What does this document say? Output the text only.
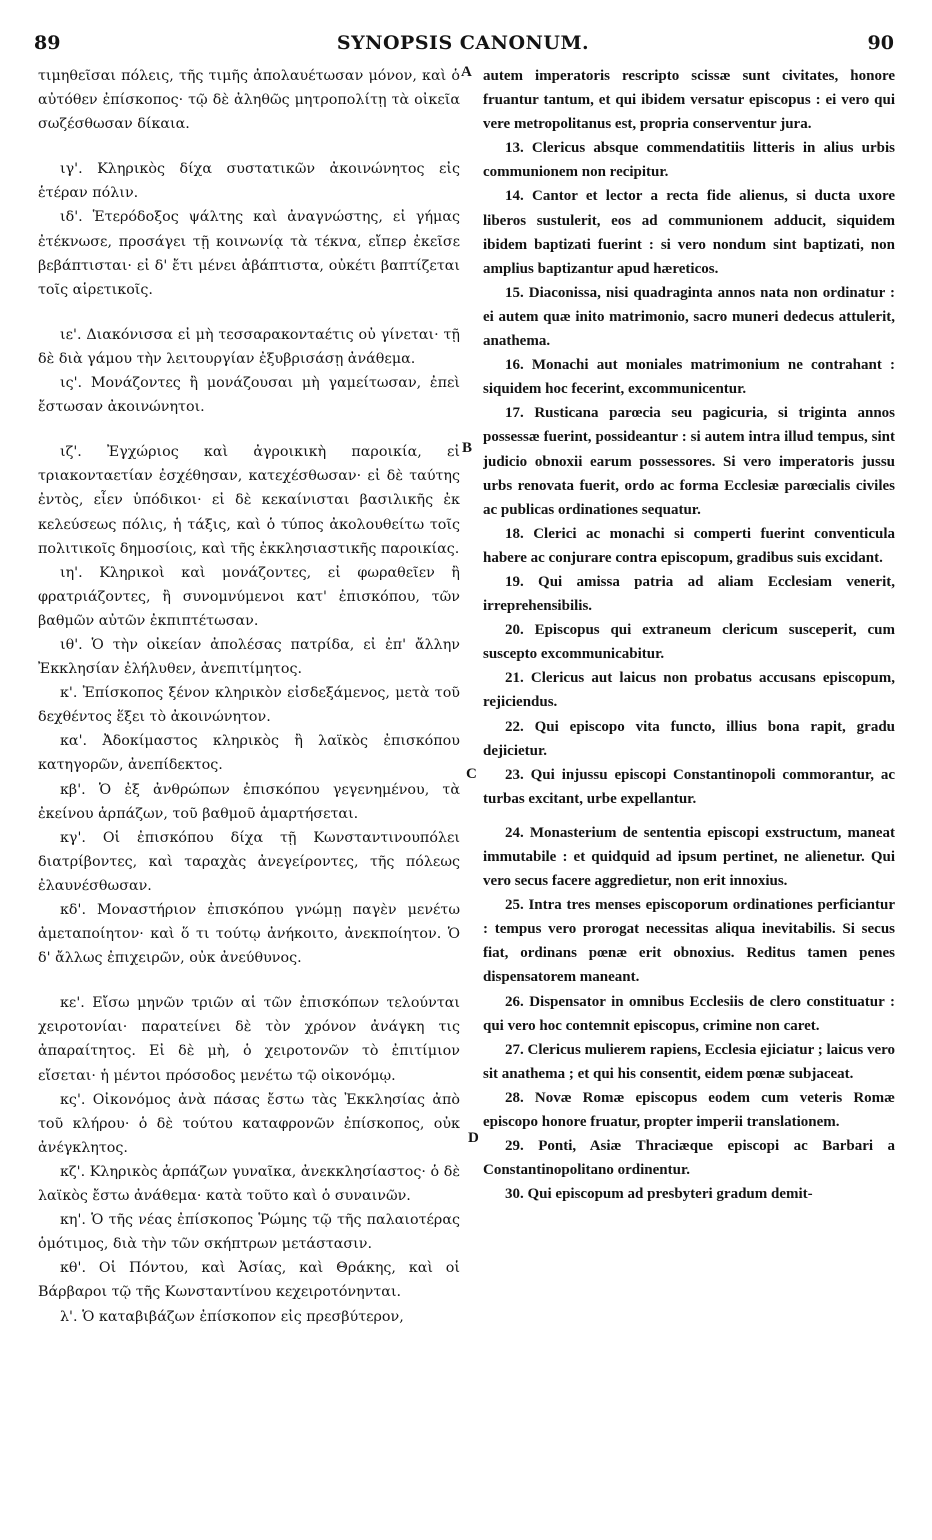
89	SYNOPSIS CANONUM.	90
A
B
C
D

τιμηθεῖσαι πόλεις, τῆς τιμῆς ἀπολαυέτωσαν μόνον, καὶ ὁ αὐτόθεν ἐπίσκοπος· τῷ δὲ ἀληθῶς μητροπολίτῃ τὰ οἰκεῖα σωζέσθωσαν δίκαια.

ιγ'. Κληρικὸς δίχα συστατικῶν ἀκοινώνητος εἰς ἑτέραν πόλιν.

ιδ'. Ἑτερόδοξος ψάλτης καὶ ἀναγνώστης, εἰ γήμας ἐτέκνωσε, προσάγει τῇ κοινωνίᾳ τὰ τέκνα, εἴπερ ἐκεῖσε βεβάπτισται· εἰ δ' ἔτι μένει ἀβάπτιστα, οὐκέτι βαπτίζεται τοῖς αἱρετικοῖς.

ιε'. Διακόνισσα εἰ μὴ τεσσαρακονταέτις οὐ γίνεται· τῇ δὲ διὰ γάμου τὴν λειτουργίαν ἐξυβρισάσῃ ἀνάθεμα.

ις'. Μονάζοντες ἢ μονάζουσαι μὴ γαμείτωσαν, ἐπεὶ ἔστωσαν ἀκοινώνητοι.

ιζ'. Ἐγχώριος καὶ ἀγροικικὴ παροικία, εἰ τριακονταετίαν ἐσχέθησαν, κατεχέσθωσαν· εἰ δὲ ταύτης ἐντὸς, εἶεν ὑπόδικοι· εἰ δὲ κεκαίνισται βασιλικῆς ἐκ κελεύσεως πόλις, ἡ τάξις, καὶ ὁ τύπος ἀκολουθείτω τοῖς πολιτικοῖς δημοσίοις, καὶ τῆς ἐκκλησιαστικῆς παροικίας.

ιη'. Κληρικοὶ καὶ μονάζοντες, εἰ φωραθεῖεν ἢ φρατριάζοντες, ἢ συνομνύμενοι κατ' ἐπισκόπου, τῶν βαθμῶν αὐτῶν ἐκπιπτέτωσαν.

ιθ'. Ὁ τὴν οἰκείαν ἀπολέσας πατρίδα, εἰ ἐπ' ἄλλην Ἐκκλησίαν ἐλήλυθεν, ἀνεπιτίμητος.

κ'. Ἐπίσκοπος ξένον κληρικὸν εἰσδεξάμενος, μετὰ τοῦ δεχθέντος ἕξει τὸ ἀκοινώνητον.

κα'. Ἀδοκίμαστος κληρικὸς ἢ λαϊκὸς ἐπισκόπου κατηγορῶν, ἀνεπίδεκτος.

κβ'. Ὁ ἐξ ἀνθρώπων ἐπισκόπου γεγενημένου, τὰ ἐκείνου ἁρπάζων, τοῦ βαθμοῦ ἁμαρτήσεται.

κγ'. Οἱ ἐπισκόπου δίχα τῇ Κωνσταντινουπόλει διατρίβοντες, καὶ ταραχὰς ἀνεγείροντες, τῆς πόλεως ἐλαυνέσθωσαν.

κδ'. Μοναστήριον ἐπισκόπου γνώμῃ παγὲν μενέτω ἀμεταποίητον· καὶ ὅ τι τούτῳ ἀνήκοιτο, ἀνεκποίητον. Ὁ δ' ἄλλως ἐπιχειρῶν, οὐκ ἀνεύθυνος.

κε'. Εἴσω μηνῶν τριῶν αἱ τῶν ἐπισκόπων τελούνται χειροτονίαι· παρατείνει δὲ τὸν χρόνον ἀνάγκη τις ἀπαραίτητος. Εἰ δὲ μὴ, ὁ χειροτονῶν τὸ ἐπιτίμιον εἴσεται· ἡ μέντοι πρόσοδος μενέτω τῷ οἰκονόμῳ.

κς'. Οἰκονόμος ἀνὰ πάσας ἔστω τὰς Ἐκκλησίας ἀπὸ τοῦ κλήρου· ὁ δὲ τούτου καταφρονῶν ἐπίσκοπος, οὐκ ἀνέγκλητος.

κζ'. Κληρικὸς ἁρπάζων γυναῖκα, ἀνεκκλησίαστος· ὁ δὲ λαϊκὸς ἔστω ἀνάθεμα· κατὰ τοῦτο καὶ ὁ συναινῶν.

κη'. Ὁ τῆς νέας ἐπίσκοπος Ῥώμης τῷ τῆς παλαιοτέρας ὁμότιμος, διὰ τὴν τῶν σκήπτρων μετάστασιν.

κθ'. Οἱ Πόντου, καὶ Ἀσίας, καὶ Θράκης, καὶ οἱ Βάρβαροι τῷ τῆς Κωνσταντίνου κεχειροτόνηνται.

λ'. Ὁ καταβιβάζων ἐπίσκοπον εἰς πρεσβύτερον,

autem imperatoris rescripto scissæ sunt civitates, honore fruantur tantum, et qui ibidem versatur episcopus : ei vero qui vere metropolitanus est, propria conserventur jura.

13. Clericus absque commendatitiis litteris in alius urbis communionem non recipitur.

14. Cantor et lector a recta fide alienus, si ducta uxore liberos sustulerit, eos ad communionem adducit, siquidem ibidem baptizati fuerint : si vero nondum sint baptizati, non amplius baptizantur apud hæreticos.

15. Diaconissa, nisi quadraginta annos nata non ordinatur : ei autem quæ inito matrimonio, sacro muneri dedecus attulerit, anathema.

16. Monachi aut moniales matrimonium ne contrahant : siquidem hoc fecerint, excommunicentur.

17. Rusticana parœcia seu pagicuria, si triginta annos possessæ fuerint, possideantur : si autem intra illud tempus, sint judicio obnoxii earum possessores. Si vero imperatoris jussu urbs renovata fuerit, ordo ac forma Ecclesiæ parœcialis civiles ac publicas ordinationes sequatur.

18. Clerici ac monachi si comperti fuerint conventicula habere ac conjurare contra episcopum, gradibus suis excidant.

19. Qui amissa patria ad aliam Ecclesiam venerit, irreprehensibilis.

20. Episcopus qui extraneum clericum susceperit, cum suscepto excommunicabitur.

21. Clericus aut laicus non probatus accusans episcopum, rejiciendus.

22. Qui episcopo vita functo, illius bona rapit, gradu dejicietur.

23. Qui injussu episcopi Constantinopoli commorantur, ac turbas excitant, urbe expellantur.

24. Monasterium de sententia episcopi exstructum, maneat immutabile : et quidquid ad ipsum pertinet, ne alienetur. Qui vero secus facere aggredietur, non erit innoxius.

25. Intra tres menses episcoporum ordinationes perficiantur : tempus vero prorogat necessitas aliqua inevitabilis. Si secus fiat, ordinans pœnæ erit obnoxius. Reditus tamen penes dispensatorem maneant.

26. Dispensator in omnibus Ecclesiis de clero constituatur : qui vero hoc contemnit episcopus, crimine non caret.

27. Clericus mulierem rapiens, Ecclesia ejiciatur ; laicus vero sit anathema ; et qui his consentit, eidem pœnæ subjaceat.

28. Novæ Romæ episcopus eodem cum veteris Romæ episcopo honore fruatur, propter imperii translationem.

29. Ponti, Asiæ Thraciæque episcopi ac Barbari a Constantinopolitano ordinentur.

30. Qui episcopum ad presbyteri gradum demit-
